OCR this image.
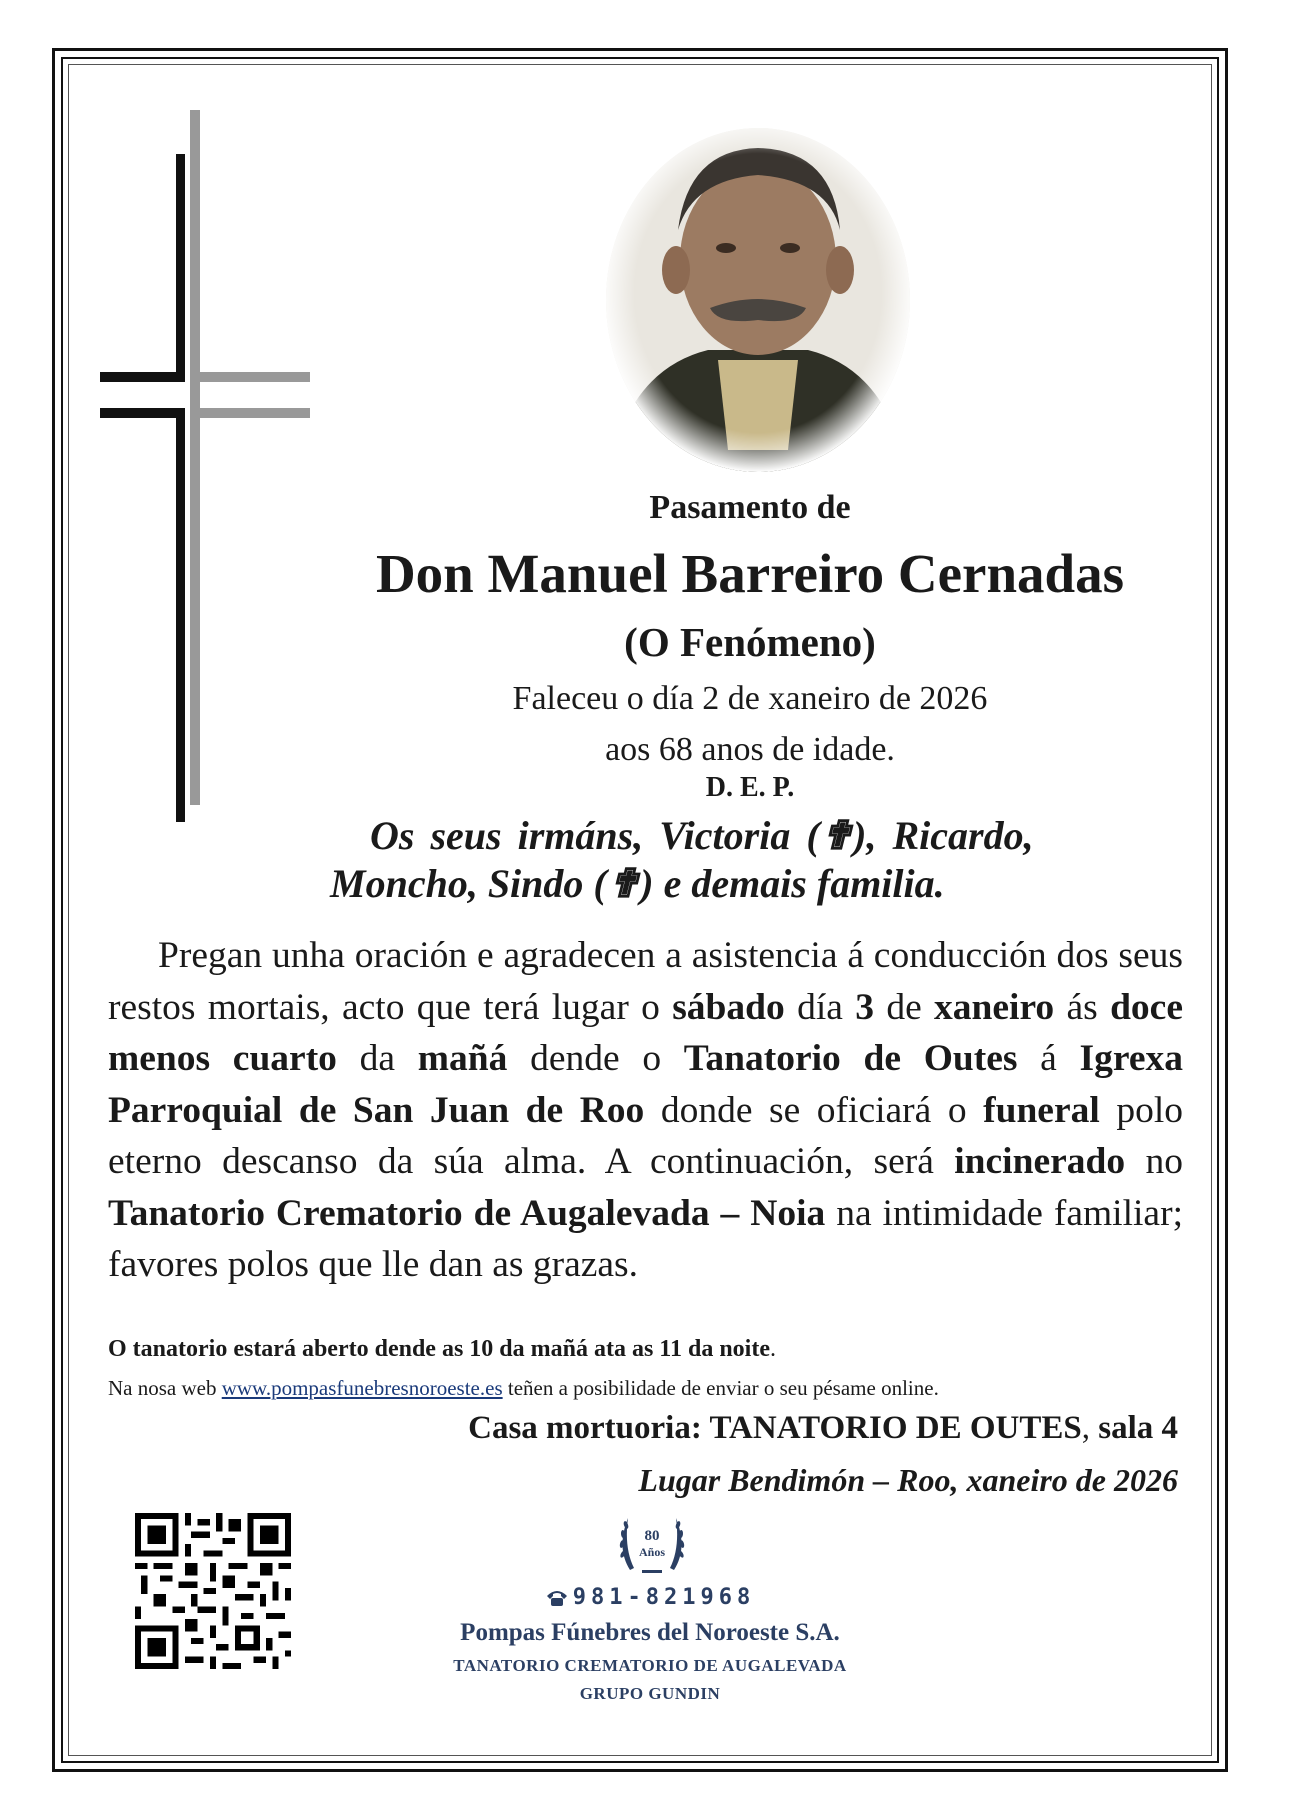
Pasamento de
Don Manuel Barreiro Cernadas
(O Fenómeno)
Faleceu o día 2 de xaneiro de 2026
aos 68 anos de idade.
D. E. P.
Os seus irmáns, Victoria (✟), Ricardo,
Moncho, Sindo (✟) e demais familia.

Pregan unha oración e agradecen a asistencia á conducción dos seus restos mortais, acto que terá lugar o sábado día 3 de xaneiro ás doce menos cuarto da mañá dende o Tanatorio de Outes á Igrexa Parroquial de San Juan de Roo donde se oficiará o funeral polo eterno descanso da súa alma. A continuación, será incinerado no Tanatorio Crematorio de Augalevada – Noia na intimidade familiar; favores polos que lle dan as grazas.

O tanatorio estará aberto dende as 10 da mañá ata as 11 da noite.
Na nosa web www.pompasfunebresnoroeste.es teñen a posibilidade de enviar o seu pésame online.
Casa mortuoria: TANATORIO DE OUTES, sala 4
Lugar Bendimón – Roo, xaneiro de 2026
80
Años
981-821968
Pompas Fúnebres del Noroeste S.A.
TANATORIO CREMATORIO DE AUGALEVADA
GRUPO GUNDIN
